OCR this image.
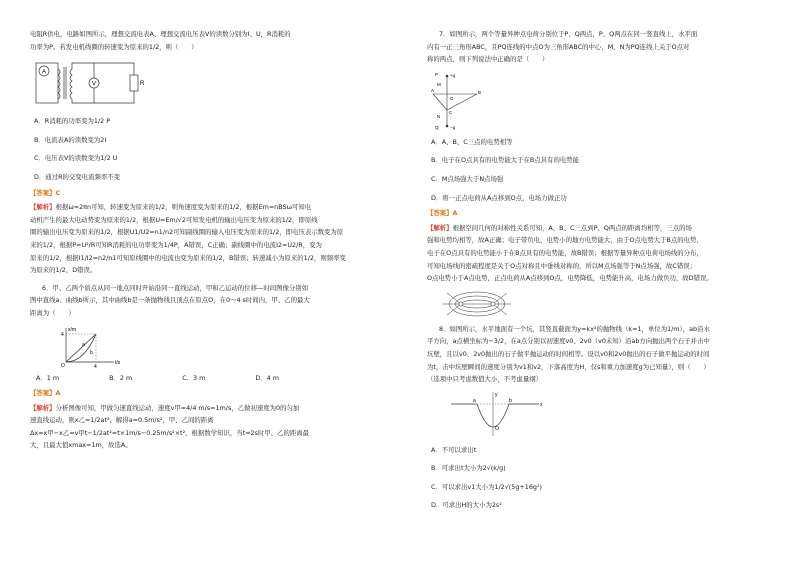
电阻R供电，电路如图所示，理想交流电表A、理想交流电压表V的读数分别为I、U，R消耗的

功率为P。若发电机线圈的转速变为原来的1/2，则（　　）

A
V	R

A．R消耗的功率变为1/2 P

B．电流表A的读数变为2I

C．电压表V的读数变为1/2 U

D．通过R的交变电流频率不变

【答案】C

【解析】根据ω=2πn可知，转速变为原来的1/2，则角速度变为原来的1/2，根据Em=nBSω可知电

动机产生的最大电动势变为原来的1/2，根据U=Em/√2可知发电机的输出电压变为原来的1/2，即原线

圈的输出电压变为原来的1/2，根据U1/U2=n1/n2可知副线圈的输入电压变为原来的1/2，即电压表示数变为原

来的1/2，根据P=U²/R可知R消耗的电功率变为1/4P，A错误，C正确；副线圈中的电流I2=U2/R，变为

原来的1/2，根据I1/I2=n2/n1可知原线圈中的电流也变为原来的1/2，B错误；转速减小为原来的1/2，则频率变

为原来的1/2，D错误。

6．甲、乙两个质点从同一地点同时开始沿同一直线运动，甲和乙运动的位移—时间图像分别如

图中直线a、曲线b所示，其中曲线b是一条抛物线且顶点在原点O，在0～4 s时间内，甲、乙的最大

距离为（　　）

x/m
4
4
t/s
O
a
b
A．1 m	B．2 m	C．3 m	D．4 m

【答案】A

【解析】分析图像可知，甲做匀速直线运动，速度v甲=4/4 m/s=1m/s，乙做初速度为0的匀加

速直线运动，则x乙=1/2at²，解得a=0.5m/s²，甲、乙间的距离

Δx=x甲−x乙=v甲t−1/2at²=t×1m/s−0.25m/s²×t²，根据数学知识，当t=2s时甲、乙的距离最

大，且最大值xmax=1m，故选A。

7．如图所示，两个等量异种点电荷分别位于P、Q两点，P、Q两点在同一竖直线上，水平面

内有一正三角形ABC，且PQ连线的中点O为三角形ABC的中心，M、N为PQ连线上关于O点对

称的两点，则下列说法中正确的是（　　）

P	+q
M
A	B
O
C
N
Q	−q

A．A、B、C三点的电势相等

B．电子在O点具有的电势能大于在B点具有的电势能

C．M点场强大于N点场强

D．将一正点电荷从A点移到O点，电场力做正功

【答案】A

【解析】根据空间几何的对称性关系可知，A、B、C三点到P、Q两点的距离均相等，三点的场

强和电势均相等，故A正确；电子带负电，电势小的地方电势能大，由于O点电势大于B点的电势，

电子在O点具有的电势能小于在B点具有的电势能，故B错误；根据等量异种点电荷电场线的分布，

可知电场线的密疏程度是关于O点对称且中垂线对称的，所以M点场强等于N点场强，故C错误；

O点电势小于A点电势，正点电荷从A点移到O点，电势降低，电势能升高，电场力做负功，故D错误。

8．如图所示，水平地面有一个坑，其竖直截面为y=kx²的抛物线（k=1，单位为1/m），ab沿水

平方向，a点横坐标为−3/2，在a点分别以初速度v0、2v0（v0未知）沿ab方向抛出两个石子并击中

坑壁，且以v0、2v0抛出的石子做平抛运动的时间相等。设以v0和2v0抛出的石子做平抛运动的时间

为t，击中坑壁瞬间的速度分别为v1和v2，下落高度为H，仅s和重力加速度g为已知量），则（　　）

（选项中只考虑数值大小，不考虑量纲）

y
x
a	b
O

A．不可以求出t

B．可求出t大小为2√(k/g)

C．可以求出v1大小为1/2√(5g+16g²)

D．可求出H的大小为2s²
